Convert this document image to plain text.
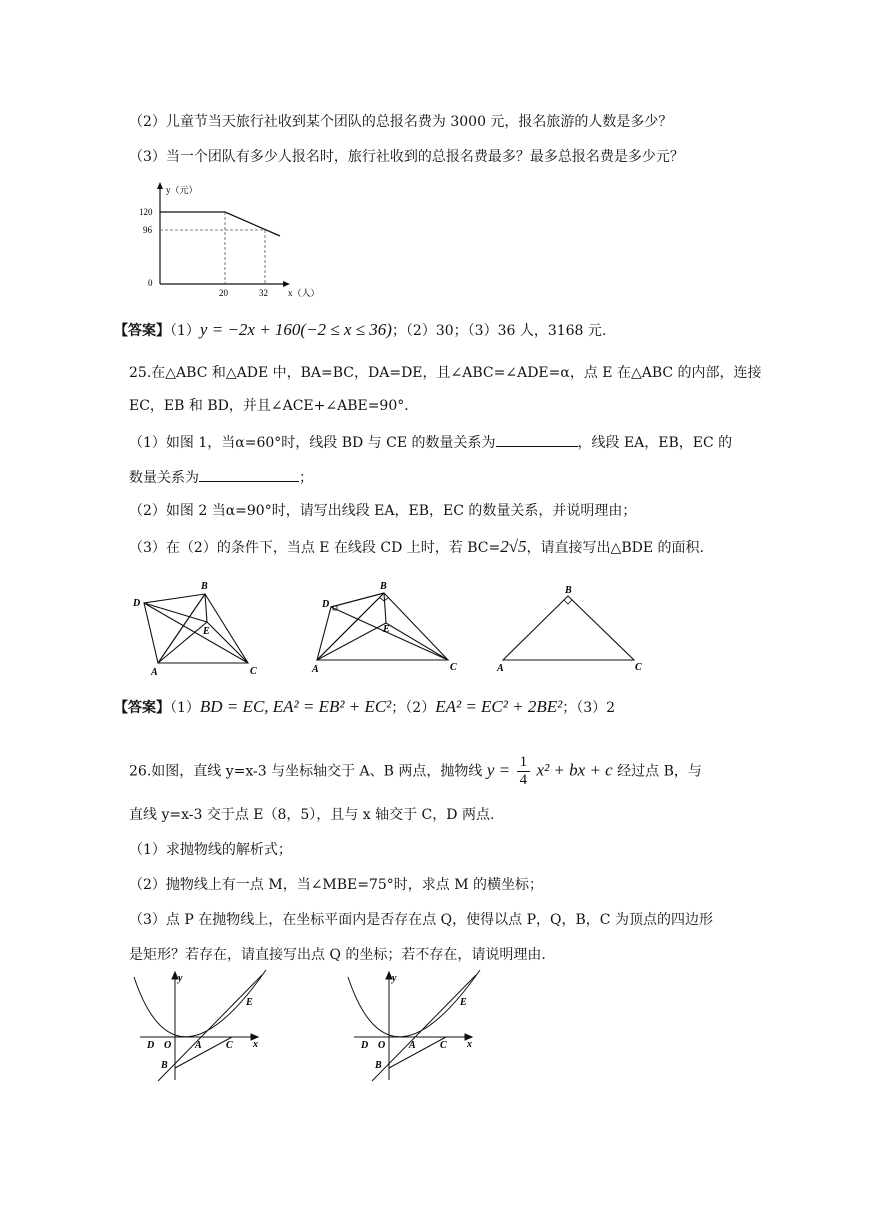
（2）儿童节当天旅行社收到某个团队的总报名费为 3000 元，报名旅游的人数是多少？
（3）当一个团队有多少人报名时，旅行社收到的总报名费最多？最多总报名费是多少元？
y（元）
120
96
0
20	32 x（人）
【答案】（1）y = −2x + 160(−2 ≤ x ≤ 36)；（2）30；（3）36 人，3168 元.
25.在△ABC 和△ADE 中，BA=BC，DA=DE，且∠ABC=∠ADE=α，点 E 在△ABC 的内部，连接
EC，EB 和 BD，并且∠ACE+∠ABE=90°．
（1）如图 1，当α=60°时，线段 BD 与 CE 的数量关系为	，线段 EA，EB，EC 的
数量关系为	；
（2）如图 2 当α=90°时，请写出线段 EA，EB，EC 的数量关系，并说明理由；
（3）在（2）的条件下，当点 E 在线段 CD 上时，若 BC=2√5，请直接写出△BDE 的面积.
B
D
E
A	C
B
D
E
A	C
B
A	C
【答案】（1）BD = EC, EA² = EB² + EC²；（2）EA² = EC² + 2BE²；（3）2
26.如图，直线 y=x-3 与坐标轴交于 A、B 两点，抛物线 $y = \frac{1}{4} x^2$ + bx + c 经过点 B，与
直线 y=x-3 交于点 E（8，5），且与 x 轴交于 C，D 两点.
（1）求抛物线的解析式；
（2）抛物线上有一点 M，当∠MBE=75°时，求点 M 的横坐标；
（3）点 P 在抛物线上，在坐标平面内是否存在点 Q，使得以点 P，Q，B，C 为顶点的四边形
是矩形？若存在，请直接写出点 Q 的坐标；若不存在，请说明理由.
y
x
E
D O A C
B
y
x
E
D O A C
B
